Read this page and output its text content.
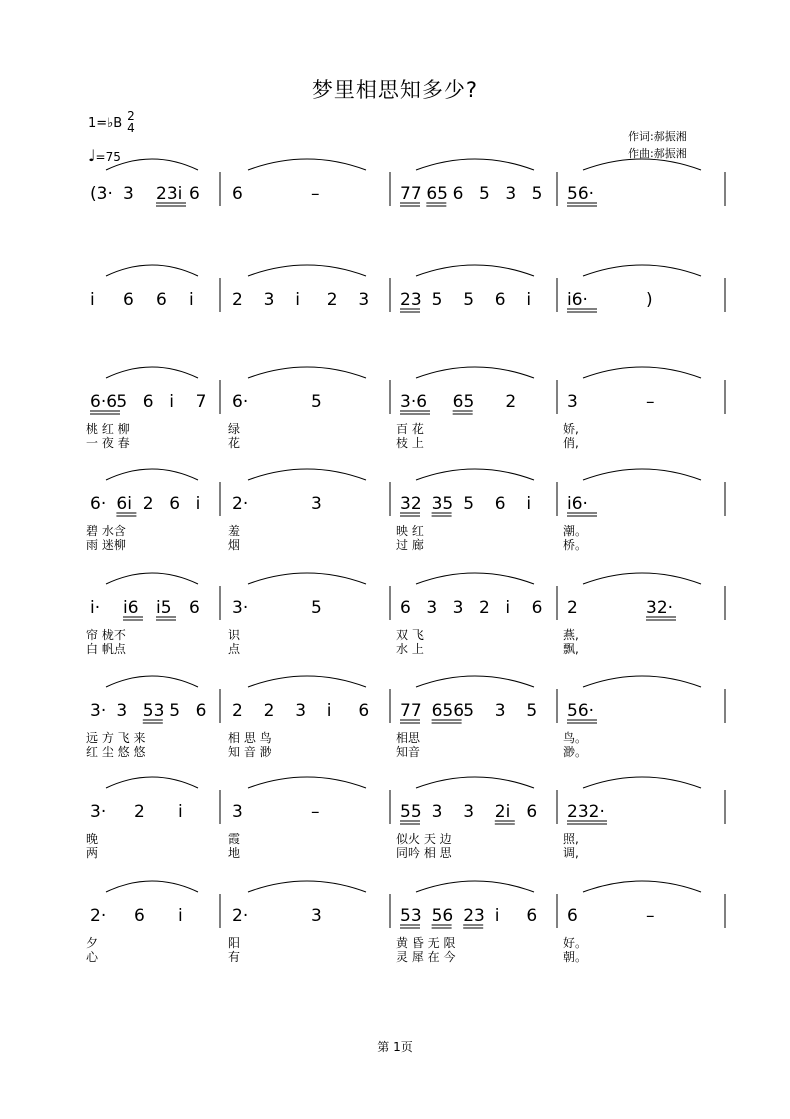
梦里相思知多少?
1=♭B 2
4
♩=75
作词:郝振湘
作曲:郝振湘
(3· 3 23i 6 6	–	77 65 6 5 3 5 56·
i 6 6 i 2 3 i 2 3 23 5 5 6 i i6·	)
6·6 5 6 i 7 6·	5	3·6 65 2	3	–
6· 6i 2 6 i 2·	3	32 35 5 6 i i6·
i· i6 i5 6 3·	5	6 3 3 2 i 6 2	32·
3· 3 53 5 6 2 2 3 i 6 77 656 5 3 5 56·
3· 2 i	3	–	55 3 3 2i 6 232·
2· 6 i	2·	3	53 56 23 i 6 6	–
桃 红 柳
一 夜 春
绿
花
百 花
枝 上
娇,
俏,
碧 水含
雨 迷柳
羞
烟
映 红
过 廊
潮。
桥。
帘 栊不
白 帆点
识
点
双 飞
水 上
燕,
飘,
远 方 飞 来
红 尘 悠 悠
相 思 鸟
知 音 渺
相思
知音
鸟。
渺。
晚
两
霞
地
似火 天 边
同吟 相 思
照,
调,
夕
心
阳
有
黄 昏 无 限
灵 犀 在 今
好。
朝。
第 1页
